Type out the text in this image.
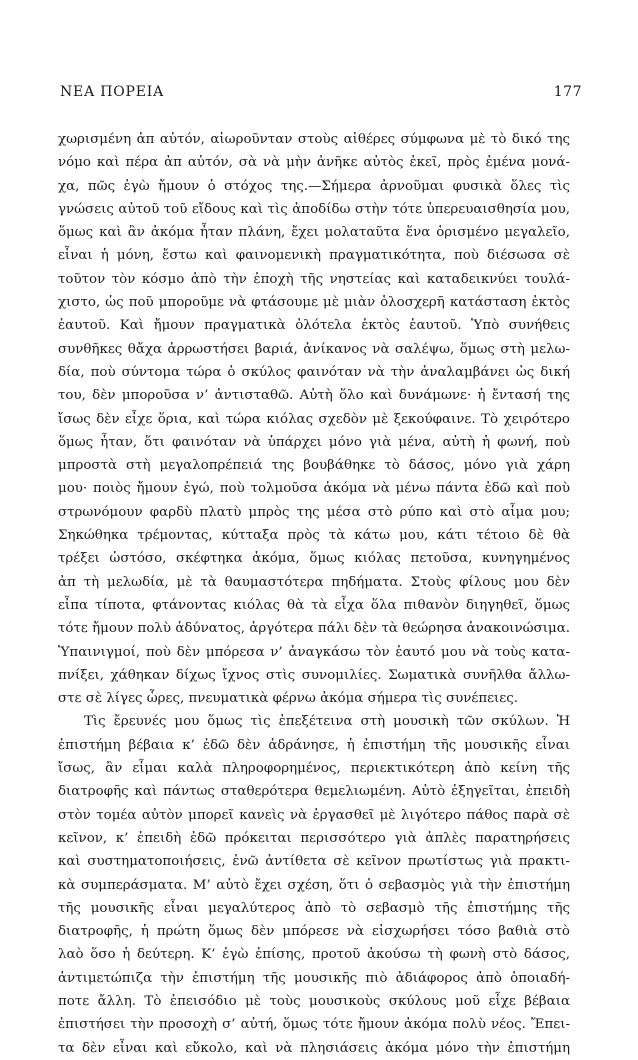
ΝΕΑ ΠΟΡΕΙΑ	177
χωρισμένη ἀπ αὐτόν, αἰωροῦνταν στοὺς αἰθέρες σύμφωνα μὲ τὸ δικό της
νόμο καὶ πέρα ἀπ αὐτόν, σὰ νὰ μὴν ἀνῆκε αὐτὸς ἐκεῖ, πρὸς ἐμένα μονά-
χα, πῶς ἐγὼ ἤμουν ὁ στόχος της.—Σήμερα ἀρνοῦμαι φυσικὰ ὅλες τὶς
γνώσεις αὐτοῦ τοῦ εἴδους καὶ τὶς ἀποδίδω στὴν τότε ὑπερευαισθησία μου,
ὅμως καὶ ἂν ἀκόμα ἦταν πλάνη, ἔχει μολαταῦτα ἕνα ὁρισμένο μεγαλεῖο,
εἶναι ἡ μόνη, ἔστω καὶ φαινομενικὴ πραγματικότητα, ποὺ διέσωσα σὲ
τοῦτον τὸν κόσμο ἀπὸ τὴν ἐποχὴ τῆς νηστείας καὶ καταδεικνύει τουλά-
χιστο, ὡς ποῦ μποροῦμε νὰ φτάσουμε μὲ μιὰν ὁλοσχερῆ κατάσταση ἐκτὸς
ἑαυτοῦ. Καὶ ἤμουν πραγματικὰ ὁλότελα ἐκτὸς ἑαυτοῦ. Ὑπὸ συνήθεις
συνθῆκες θἄχα ἀρρωστήσει βαριά, ἀνίκανος νὰ σαλέψω, ὅμως στὴ μελω-
δία, ποὺ σύντομα τώρα ὁ σκύλος φαινόταν νὰ τὴν ἀναλαμβάνει ὡς δική
του, δὲν μποροῦσα ν’ ἀντισταθῶ. Αὐτὴ ὅλο καὶ δυνάμωνε· ἡ ἔντασή της
ἴσως δὲν εἶχε ὅρια, καὶ τώρα κιόλας σχεδὸν μὲ ξεκούφαινε. Τὸ χειρότερο
ὅμως ἦταν, ὅτι φαινόταν νὰ ὑπάρχει μόνο γιὰ μένα, αὐτὴ ἡ φωνή, ποὺ
μπροστὰ στὴ μεγαλοπρέπειά της βουβάθηκε τὸ δάσος, μόνο γιὰ χάρη
μου· ποιὸς ἤμουν ἐγώ, ποὺ τολμοῦσα ἀκόμα νὰ μένω πάντα ἐδῶ καὶ ποὺ
στρωνόμουν φαρδὺ πλατὺ μπρὸς της μέσα στὸ ρύπο καὶ στὸ αἷμα μου;
Σηκώθηκα τρέμοντας, κύτταξα πρὸς τὰ κάτω μου, κάτι τέτοιο δὲ θὰ
τρέξει ὡστόσο, σκέφτηκα ἀκόμα, ὅμως κιόλας πετοῦσα, κυνηγημένος
ἀπ τὴ μελωδία, μὲ τὰ θαυμαστότερα πηδήματα. Στοὺς φίλους μου δὲν
εἶπα τίποτα, φτάνοντας κιόλας θὰ τὰ εἶχα ὅλα πιθανὸν διηγηθεῖ, ὅμως
τότε ἤμουν πολὺ ἀδύνατος, ἀργότερα πάλι δὲν τὰ θεώρησα ἀνακοινώσιμα.
Ὑπαινιγμοί, ποὺ δὲν μπόρεσα ν’ ἀναγκάσω τὸν ἑαυτό μου νὰ τοὺς κατα-
πνίξει, χάθηκαν δίχως ἴχνος στὶς συνομιλίες. Σωματικὰ συνῆλθα ἄλλω-
στε σὲ λίγες ὧρες, πνευματικὰ φέρνω ἀκόμα σήμερα τὶς συνέπειες.
Τὶς ἔρευνές μου ὅμως τὶς ἐπεξέτεινα στὴ μουσικὴ τῶν σκύλων. Ἡ
ἐπιστήμη βέβαια κ’ ἐδῶ δὲν ἀδράνησε, ἡ ἐπιστήμη τῆς μουσικῆς εἶναι
ἴσως, ἂν εἶμαι καλὰ πληροφορημένος, περιεκτικότερη ἀπὸ κείνη τῆς
διατροφῆς καὶ πάντως σταθερότερα θεμελιωμένη. Αὐτὸ ἐξηγεῖται, ἐπειδὴ
στὸν τομέα αὐτὸν μπορεῖ κανεὶς νὰ ἐργασθεῖ μὲ λιγότερο πάθος παρὰ σὲ
κεῖνον, κ’ ἐπειδὴ ἐδῶ πρόκειται περισσότερο γιὰ ἁπλὲς παρατηρήσεις
καὶ συστηματοποιήσεις, ἐνῶ ἀντίθετα σὲ κεῖνον πρωτίστως γιὰ πρακτι-
κὰ συμπεράσματα. Μ’ αὐτὸ ἔχει σχέση, ὅτι ὁ σεβασμὸς γιὰ τὴν ἐπιστήμη
τῆς μουσικῆς εἶναι μεγαλύτερος ἀπὸ τὸ σεβασμὸ τῆς ἐπιστήμης τῆς
διατροφῆς, ἡ πρώτη ὅμως δὲν μπόρεσε νὰ εἰσχωρήσει τόσο βαθιὰ στὸ
λαὸ ὅσο ἡ δεύτερη. Κ’ ἐγὼ ἐπίσης, προτοῦ ἀκούσω τὴ φωνὴ στὸ δάσος,
ἀντιμετώπιζα τὴν ἐπιστήμη τῆς μουσικῆς πιὸ ἀδιάφορος ἀπὸ ὁποιαδή-
ποτε ἄλλη. Τὸ ἐπεισόδιο μὲ τοὺς μουσικοὺς σκύλους μοῦ εἶχε βέβαια
ἐπιστήσει τὴν προσοχὴ σ’ αὐτή, ὅμως τότε ἤμουν ἀκόμα πολὺ νέος. Ἔπει-
τα δὲν εἶναι καὶ εὔκολο, καὶ νὰ πλησιάσεις ἀκόμα μόνο τὴν ἐπιστήμη
